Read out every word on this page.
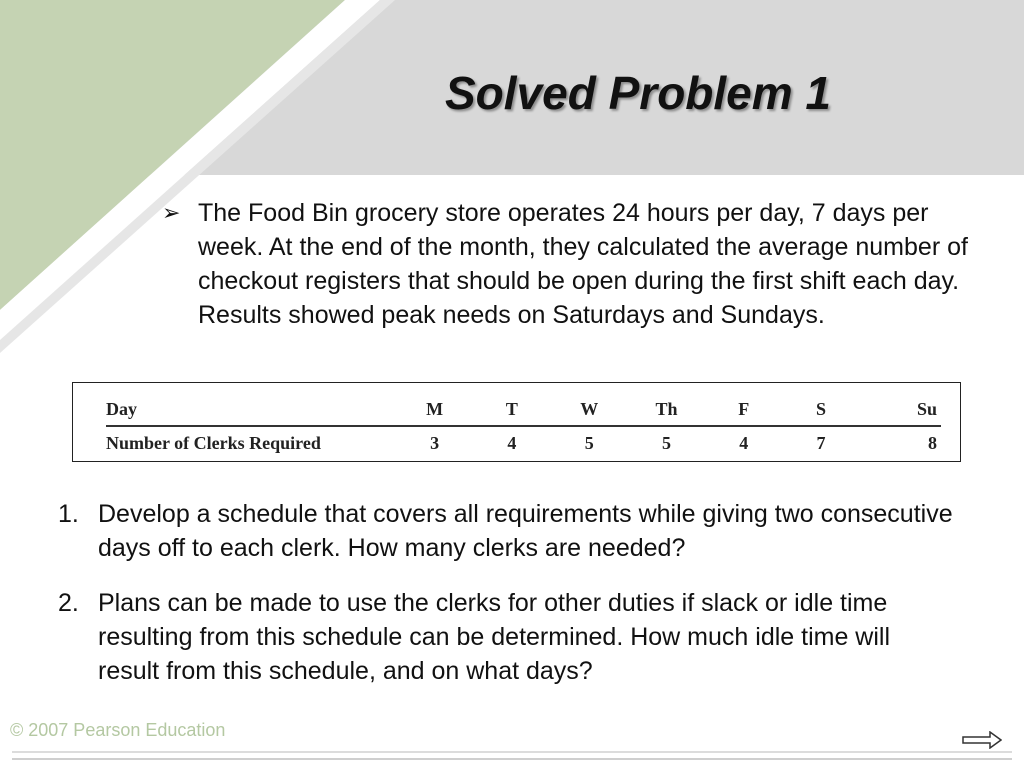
Solved Problem 1
➢ The Food Bin grocery store operates 24 hours per day, 7 days per week. At the end of the month, they calculated the average number of checkout registers that should be open during the first shift each day. Results showed peak needs on Saturdays and Sundays.
Day	M	T	W	Th	F	S	Su
Number of Clerks Required	3	4	5	5	4	7	8
1. Develop a schedule that covers all requirements while giving two consecutive days off to each clerk. How many clerks are needed?
2. Plans can be made to use the clerks for other duties if slack or idle time resulting from this schedule can be determined. How much idle time will result from this schedule, and on what days?
© 2007 Pearson Education
